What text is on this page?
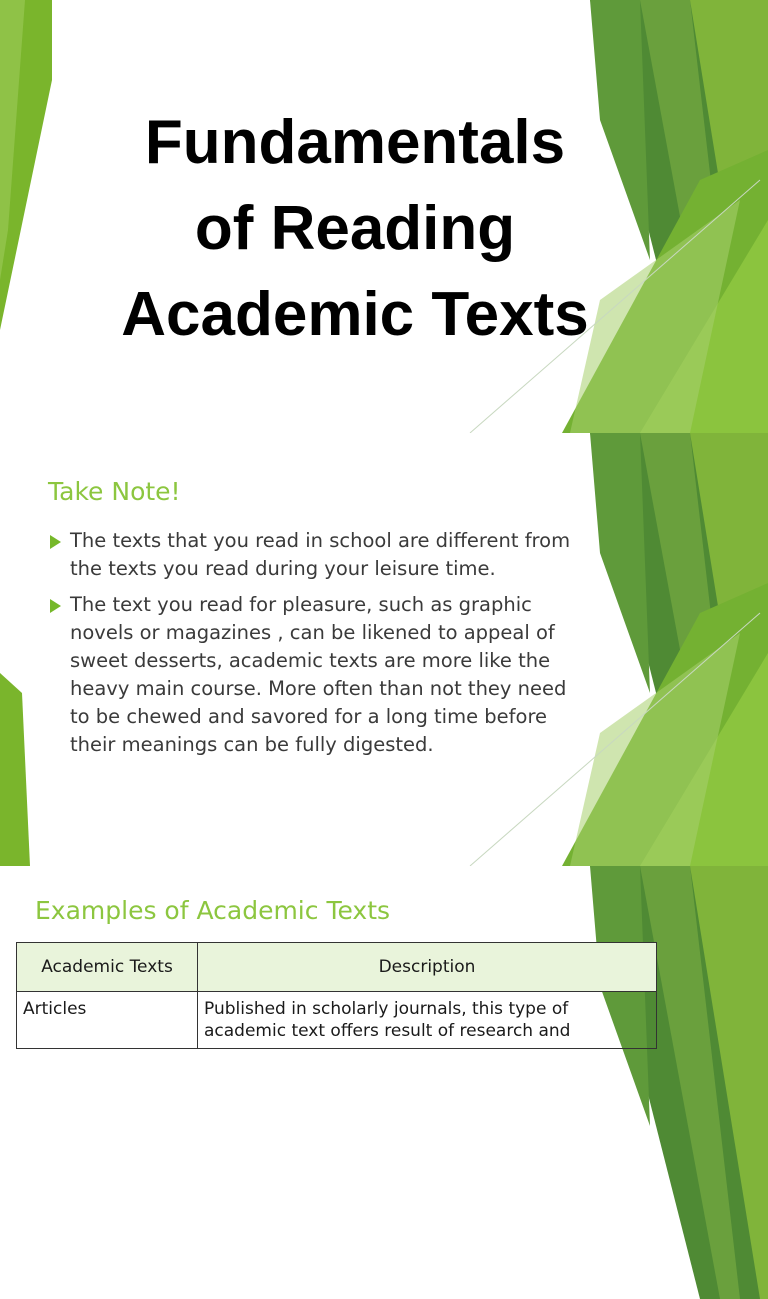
Fundamentals
of Reading
Academic Texts
Take Note!
The texts that you read in school are different from the texts you read during your leisure time.
The text you read for pleasure, such as graphic novels or magazines , can be likened to appeal of sweet desserts, academic texts are more like the heavy main course. More often than not they need to be chewed and savored for a long time before their meanings can be fully digested.
Examples of Academic Texts
Academic Texts	Description
Articles	Published in scholarly journals, this type of academic text offers result of research and
